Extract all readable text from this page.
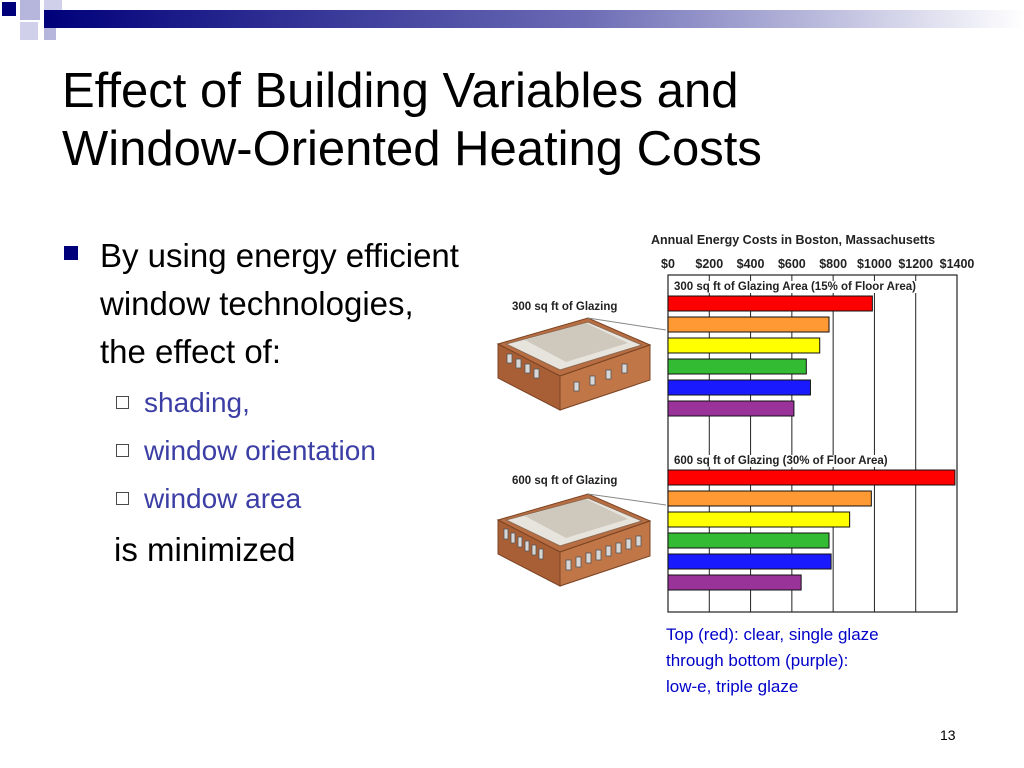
Effect of Building Variables and
Window-Oriented Heating Costs
By using energy efficient window technologies, the effect of:
shading,
window orientation
window area
is minimized
Annual Energy Costs in Boston, Massachusetts
$0 $200 $400 $600 $800 $1000 $1200 $1400
300 sq ft of Glazing
600 sq ft of Glazing
300 sq ft of Glazing Area (15% of Floor Area)
600 sq ft of Glazing (30% of Floor Area)
Top (red): clear, single glaze
through bottom (purple):
low-e, triple glaze
13
